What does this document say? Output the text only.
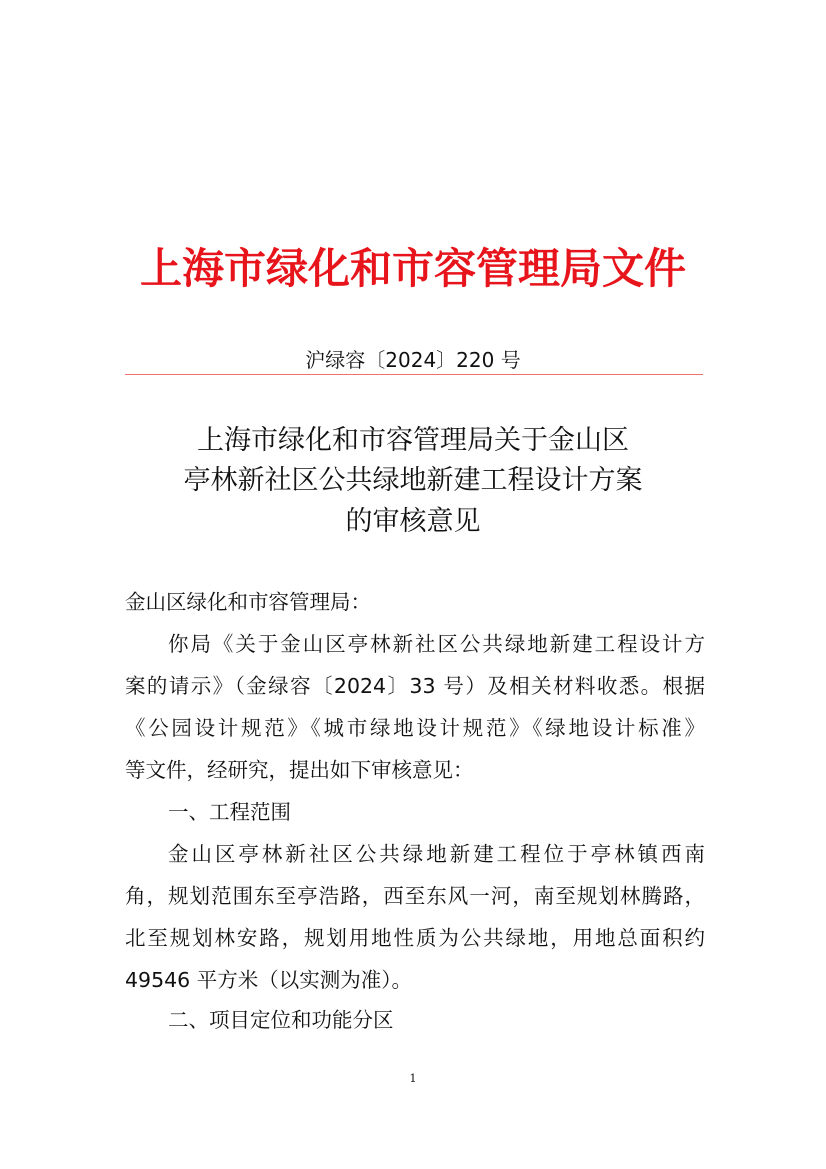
上海市绿化和市容管理局文件
沪绿容〔2024〕220 号
上海市绿化和市容管理局关于金山区
亭林新社区公共绿地新建工程设计方案
的审核意见
金山区绿化和市容管理局：
你局《关于金山区亭林新社区公共绿地新建工程设计方
案的请示》（金绿容〔2024〕33 号）及相关材料收悉。根据
《公园设计规范》《城市绿地设计规范》《绿地设计标准》
等文件，经研究，提出如下审核意见：
一、工程范围
金山区亭林新社区公共绿地新建工程位于亭林镇西南
角，规划范围东至亭浩路，西至东风一河，南至规划林腾路，
北至规划林安路，规划用地性质为公共绿地，用地总面积约
49546 平方米（以实测为准）。
二、项目定位和功能分区
1
